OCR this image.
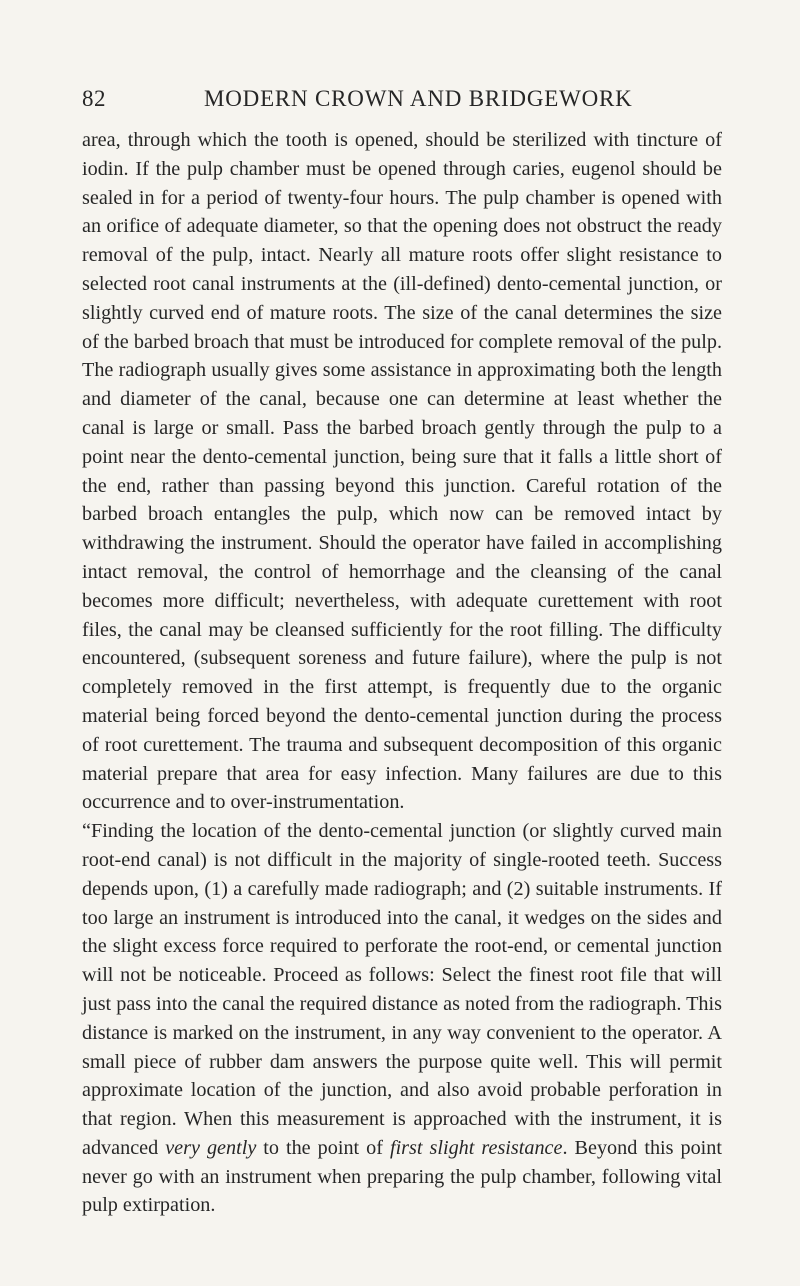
82	MODERN CROWN AND BRIDGEWORK

area, through which the tooth is opened, should be sterilized with tincture of iodin. If the pulp chamber must be opened through caries, eugenol should be sealed in for a period of twenty-four hours. The pulp chamber is opened with an orifice of adequate diameter, so that the opening does not obstruct the ready removal of the pulp, intact. Nearly all mature roots offer slight resistance to selected root canal instruments at the (ill-defined) dento-cemental junction, or slightly curved end of mature roots. The size of the canal determines the size of the barbed broach that must be introduced for complete removal of the pulp. The radiograph usually gives some assistance in approximating both the length and diameter of the canal, because one can determine at least whether the canal is large or small. Pass the barbed broach gently through the pulp to a point near the dento-cemental junction, being sure that it falls a little short of the end, rather than passing beyond this junction. Careful rotation of the barbed broach entangles the pulp, which now can be removed intact by withdrawing the instrument. Should the operator have failed in accomplishing intact removal, the control of hemorrhage and the cleansing of the canal becomes more difficult; nevertheless, with adequate curettement with root files, the canal may be cleansed sufficiently for the root filling. The difficulty encountered, (subsequent soreness and future failure), where the pulp is not completely removed in the first attempt, is frequently due to the organic material being forced beyond the dento-cemental junction during the process of root curettement. The trauma and subsequent decomposition of this organic material prepare that area for easy infection. Many failures are due to this occurrence and to over-instrumentation.

“Finding the location of the dento-cemental junction (or slightly curved main root-end canal) is not difficult in the majority of single-rooted teeth. Success depends upon, (1) a carefully made radiograph; and (2) suitable instruments. If too large an instrument is introduced into the canal, it wedges on the sides and the slight excess force required to perforate the root-end, or cemental junction will not be noticeable. Proceed as follows: Select the finest root file that will just pass into the canal the required distance as noted from the radiograph. This distance is marked on the instrument, in any way convenient to the operator. A small piece of rubber dam answers the purpose quite well. This will permit approximate location of the junction, and also avoid probable perforation in that region. When this measurement is approached with the instrument, it is advanced very gently to the point of first slight resistance. Beyond this point never go with an instrument when preparing the pulp chamber, following vital pulp extirpation.
